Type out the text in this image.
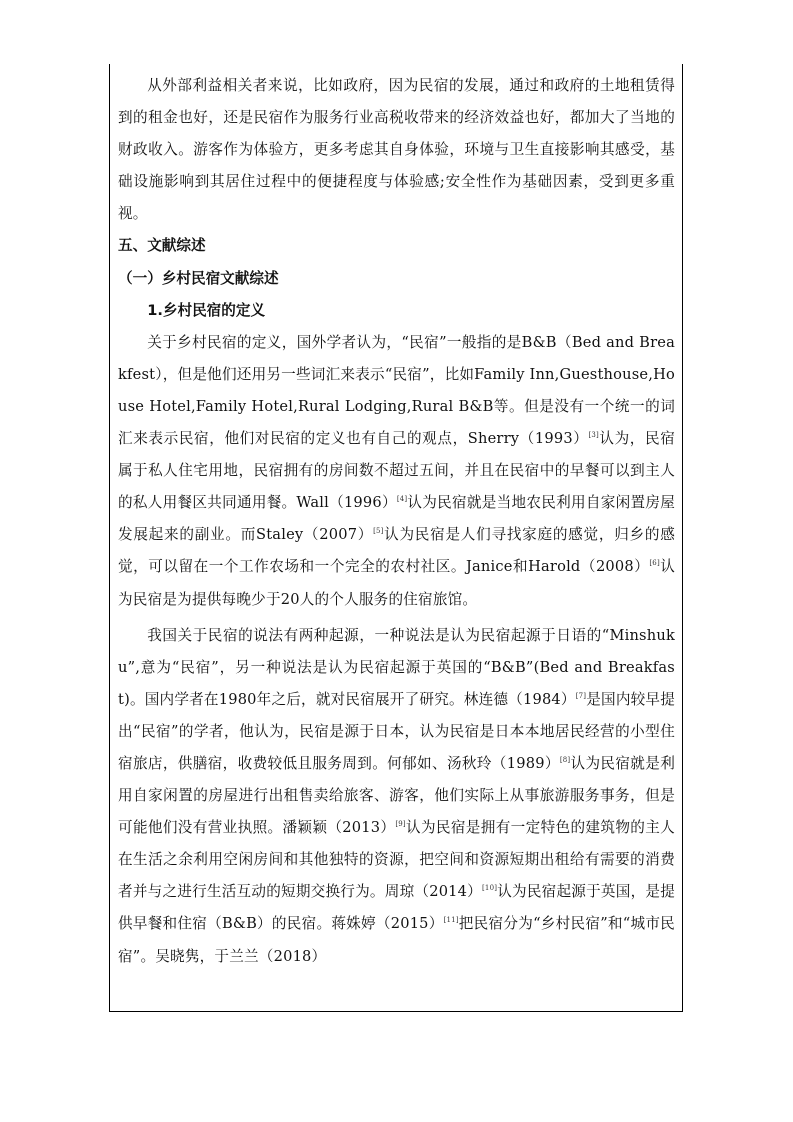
从外部利益相关者来说，比如政府，因为民宿的发展，通过和政府的土地租赁得到的租金也好，还是民宿作为服务行业高税收带来的经济效益也好，都加大了当地的财政收入。游客作为体验方，更多考虑其自身体验，环境与卫生直接影响其感受，基础设施影响到其居住过程中的便捷程度与体验感;安全性作为基础因素，受到更多重视。

五、文献综述

（一）乡村民宿文献综述

1.乡村民宿的定义

关于乡村民宿的定义，国外学者认为，“民宿”一般指的是B&B（Bed and Breakfest），但是他们还用另一些词汇来表示“民宿”，比如Family Inn,Guesthouse,House Hotel,Family Hotel,Rural Lodging,Rural B&B等。但是没有一个统一的词汇来表示民宿，他们对民宿的定义也有自己的观点，Sherry（1993）[3]认为，民宿属于私人住宅用地，民宿拥有的房间数不超过五间，并且在民宿中的早餐可以到主人的私人用餐区共同通用餐。Wall（1996）[4]认为民宿就是当地农民利用自家闲置房屋发展起来的副业。而Staley（2007）[5]认为民宿是人们寻找家庭的感觉，归乡的感觉，可以留在一个工作农场和一个完全的农村社区。Janice和Harold（2008）[6]认为民宿是为提供每晚少于20人的个人服务的住宿旅馆。

我国关于民宿的说法有两种起源，一种说法是认为民宿起源于日语的“Minshuku”,意为“民宿”，另一种说法是认为民宿起源于英国的“B&B”(Bed and Breakfast)。国内学者在1980年之后，就对民宿展开了研究。林连德（1984）[7]是国内较早提出“民宿”的学者，他认为，民宿是源于日本，认为民宿是日本本地居民经营的小型住宿旅店，供膳宿，收费较低且服务周到。何郁如、汤秋玲（1989）[8]认为民宿就是利用自家闲置的房屋进行出租售卖给旅客、游客，他们实际上从事旅游服务事务，但是可能他们没有营业执照。潘颖颖（2013）[9]认为民宿是拥有一定特色的建筑物的主人在生活之余利用空闲房间和其他独特的资源，把空间和资源短期出租给有需要的消费者并与之进行生活互动的短期交换行为。周琼（2014）[10]认为民宿起源于英国，是提供早餐和住宿（B&B）的民宿。蒋姝婷（2015）[11]把民宿分为“乡村民宿”和“城市民宿”。吴晓隽，于兰兰（2018）
